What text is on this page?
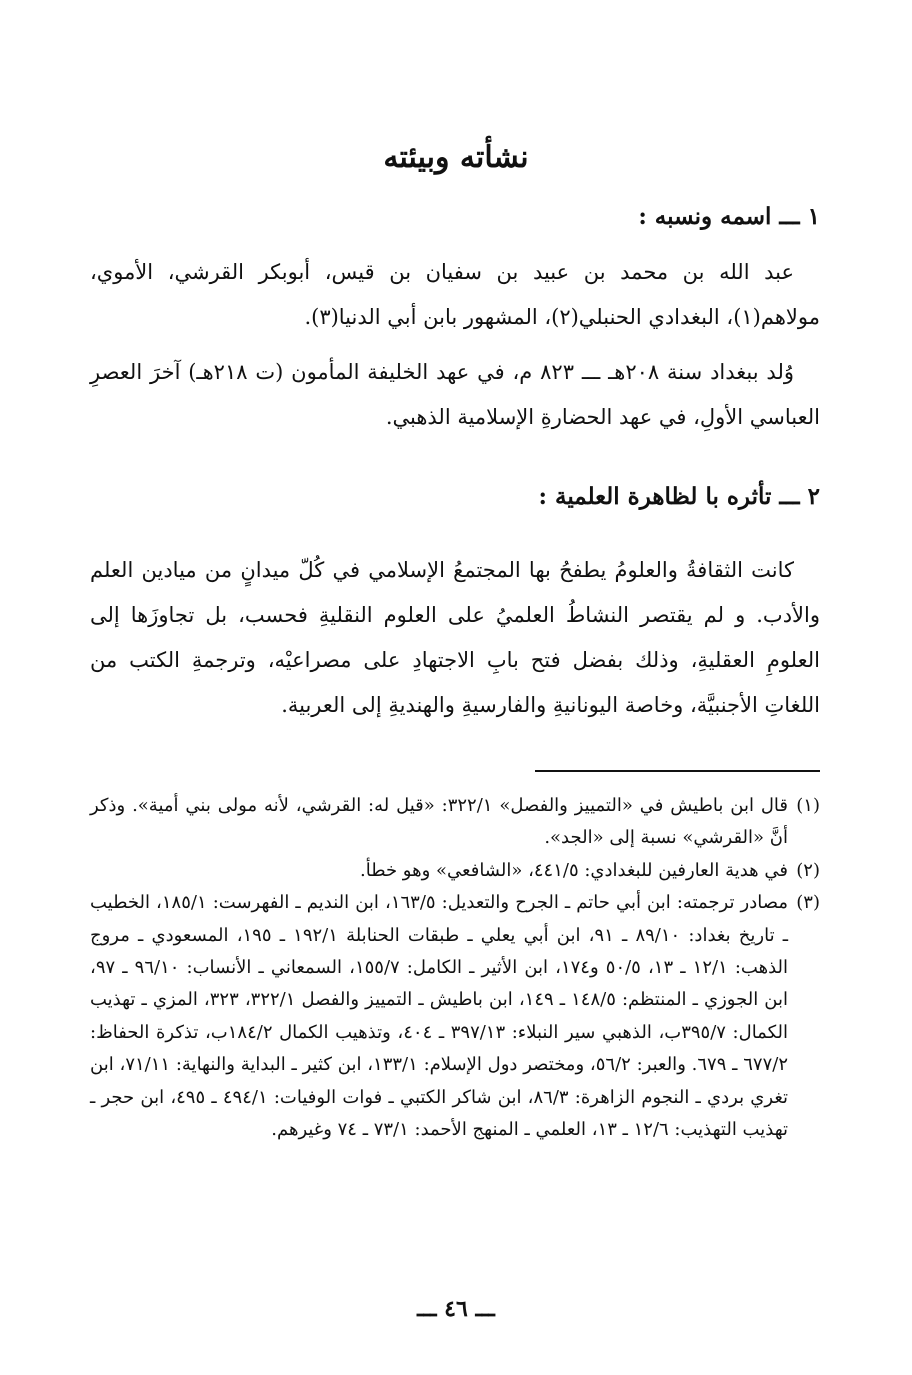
نشأته وبيئته
١ ـــ اسمه ونسبه :

عبد الله بن محمد بن عبيد بن سفيان بن قيس، أبوبكر القرشي، الأموي، مولاهم(١)، البغدادي الحنبلي(٢)، المشهور بابن أبي الدنيا(٣).

وُلد ببغداد سنة ٢٠٨هـ ـــ ٨٢٣ م، في عهد الخليفة المأمون (ت ٢١٨هـ) آخرَ العصرِ العباسي الأولِ، في عهد الحضارةِ الإسلامية الذهبي.

٢ ـــ تأثره با لظاهرة العلمية :

كانت الثقافةُ والعلومُ يطفحُ بها المجتمعُ الإسلامي في كُلّ ميدانٍ من ميادين العلم والأدب. و لم يقتصر النشاطُ العلميُ على العلوم النقليةِ فحسب، بل تجاوزَها إلى العلومِ العقليةِ، وذلك بفضل فتح بابِ الاجتهادِ على مصراعيْه، وترجمةِ الكتب من اللغاتِ الأجنبيَّة، وخاصة اليونانيةِ والفارسيةِ والهنديةِ إلى العربية.

(١)
قال ابن باطيش في «التمييز والفصل» ٣٢٢/١: «قيل له: القرشي، لأنه مولى بني أمية». وذكر أنَّ «القرشي» نسبة إلى «الجد».
(٢)
في هدية العارفين للبغدادي: ٤٤١/٥، «الشافعي» وهو خطأ.
(٣)
مصادر ترجمته: ابن أبي حاتم ـ الجرح والتعديل: ١٦٣/٥، ابن النديم ـ الفهرست: ١٨٥/١، الخطيب ـ تاريخ بغداد: ٨٩/١٠ ـ ٩١، ابن أبي يعلي ـ طبقات الحنابلة ١٩٢/١ ـ ١٩٥، المسعودي ـ مروج الذهب: ١٢/١ ـ ١٣، ٥٠/٥ و١٧٤، ابن الأثير ـ الكامل: ١٥٥/٧، السمعاني ـ الأنساب: ٩٦/١٠ ـ ٩٧، ابن الجوزي ـ المنتظم: ١٤٨/٥ ـ ١٤٩، ابن باطيش ـ التمييز والفصل ٣٢٢/١، ٣٢٣، المزي ـ تهذيب الكمال: ٣٩٥/٧ب، الذهبي سير النبلاء: ٣٩٧/١٣ ـ ٤٠٤، وتذهيب الكمال ١٨٤/٢ب، تذكرة الحفاظ: ٦٧٧/٢ ـ ٦٧٩. والعبر: ٥٦/٢، ومختصر دول الإسلام: ١٣٣/١، ابن كثير ـ البداية والنهاية: ٧١/١١، ابن تغري بردي ـ النجوم الزاهرة: ٨٦/٣، ابن شاكر الكتبي ـ فوات الوفيات: ٤٩٤/١ ـ ٤٩٥، ابن حجر ـ تهذيب التهذيب: ١٢/٦ ـ ١٣، العلمي ـ المنهج الأحمد: ٧٣/١ ـ ٧٤ وغيرهم.
ـــ ٤٦ ـــ
